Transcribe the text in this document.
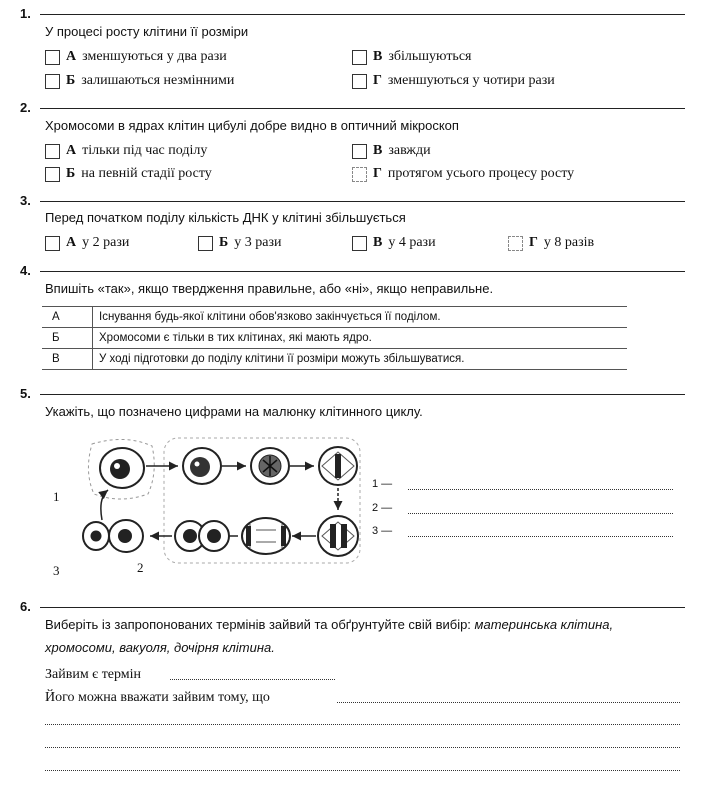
1.
У процесі росту клітини її розміри
А зменшуються у два рази
Б залишаються незмінними
В збільшуються
Г зменшуються у чотири рази
2.
Хромосоми в ядрах клітин цибулі добре видно в оптичний мікроскоп
А тільки під час поділу
Б на певній стадії росту
В завжди
Г протягом усього процесу росту
3.
Перед початком поділу кількість ДНК у клітині збільшується
А у 2 рази	Б у 3 рази	В у 4 рази	Г у 8 разів
4.
Впишіть «так», якщо твердження правильне, або «ні», якщо неправильне.
А	Існування будь-якої клітини обов'язково закінчується її поділом.	
Б	Хромосоми є тільки в тих клітинах, які мають ядро.	
В	У ході підготовки до поділу клітини її розміри можуть збільшуватися.	
5.
Укажіть, що позначено цифрами на малюнку клітинного циклу.
1
2
3
1 —
2 —
3 —
6.
Виберіть із запропонованих термінів зайвий та обґрунтуйте свій вибір: материнська клітина,
хромосоми, вакуоля, дочірня клітина.
Зайвим є термін
Його можна вважати зайвим тому, що
